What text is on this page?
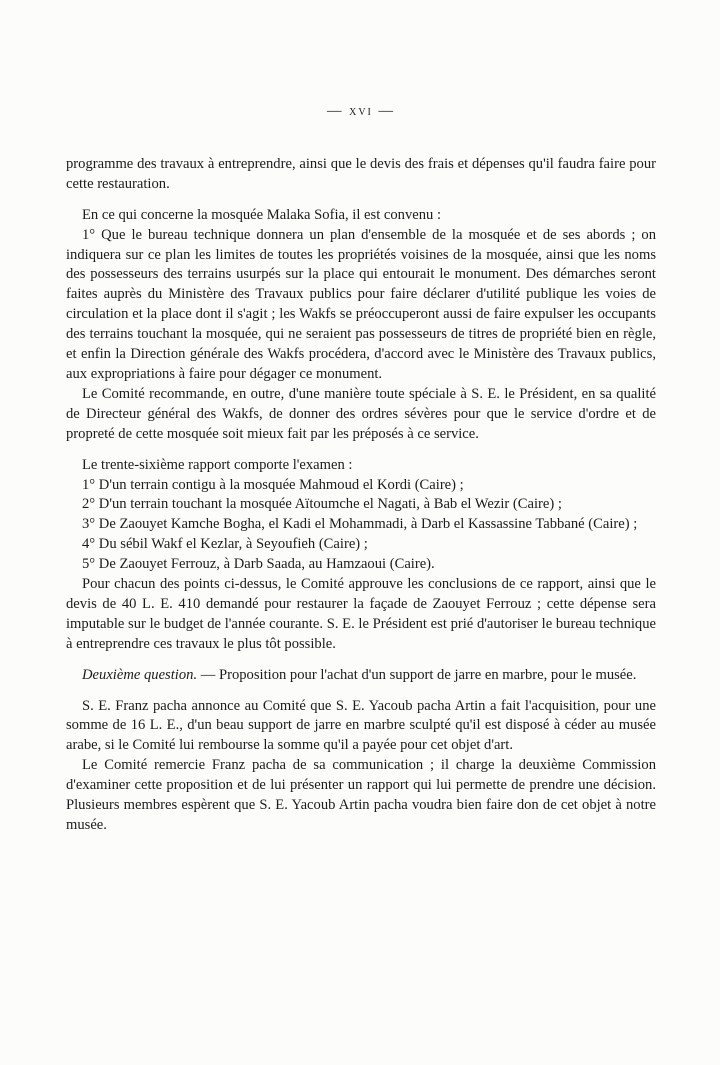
— xvi —

programme des travaux à entreprendre, ainsi que le devis des frais et dépenses qu'il faudra faire pour cette restauration.

En ce qui concerne la mosquée Malaka Sofia, il est convenu :

1° Que le bureau technique donnera un plan d'ensemble de la mosquée et de ses abords ; on indiquera sur ce plan les limites de toutes les propriétés voisines de la mosquée, ainsi que les noms des possesseurs des terrains usurpés sur la place qui entourait le monument. Des démarches seront faites auprès du Ministère des Travaux publics pour faire déclarer d'utilité publique les voies de circulation et la place dont il s'agit ; les Wakfs se préoccuperont aussi de faire expulser les occupants des terrains touchant la mosquée, qui ne seraient pas possesseurs de titres de propriété bien en règle, et enfin la Direction générale des Wakfs procédera, d'accord avec le Ministère des Travaux publics, aux expropriations à faire pour dégager ce monument.

Le Comité recommande, en outre, d'une manière toute spéciale à S. E. le Président, en sa qualité de Directeur général des Wakfs, de donner des ordres sévères pour que le service d'ordre et de propreté de cette mosquée soit mieux fait par les préposés à ce service.

Le trente-sixième rapport comporte l'examen :

1° D'un terrain contigu à la mosquée Mahmoud el Kordi (Caire) ;

2° D'un terrain touchant la mosquée Aïtoumche el Nagati, à Bab el Wezir (Caire) ;

3° De Zaouyet Kamche Bogha, el Kadi el Mohammadi, à Darb el Kassassine Tabbané (Caire) ;

4° Du sébil Wakf el Kezlar, à Seyoufieh (Caire) ;

5° De Zaouyet Ferrouz, à Darb Saada, au Hamzaoui (Caire).

Pour chacun des points ci-dessus, le Comité approuve les conclusions de ce rapport, ainsi que le devis de 40 L. E. 410 demandé pour restaurer la façade de Zaouyet Ferrouz ; cette dépense sera imputable sur le budget de l'année courante. S. E. le Président est prié d'autoriser le bureau technique à entreprendre ces travaux le plus tôt possible.

Deuxième question. — Proposition pour l'achat d'un support de jarre en marbre, pour le musée.

S. E. Franz pacha annonce au Comité que S. E. Yacoub pacha Artin a fait l'acquisition, pour une somme de 16 L. E., d'un beau support de jarre en marbre sculpté qu'il est disposé à céder au musée arabe, si le Comité lui rembourse la somme qu'il a payée pour cet objet d'art.

Le Comité remercie Franz pacha de sa communication ; il charge la deuxième Commission d'examiner cette proposition et de lui présenter un rapport qui lui permette de prendre une décision. Plusieurs membres espèrent que S. E. Yacoub Artin pacha voudra bien faire don de cet objet à notre musée.
